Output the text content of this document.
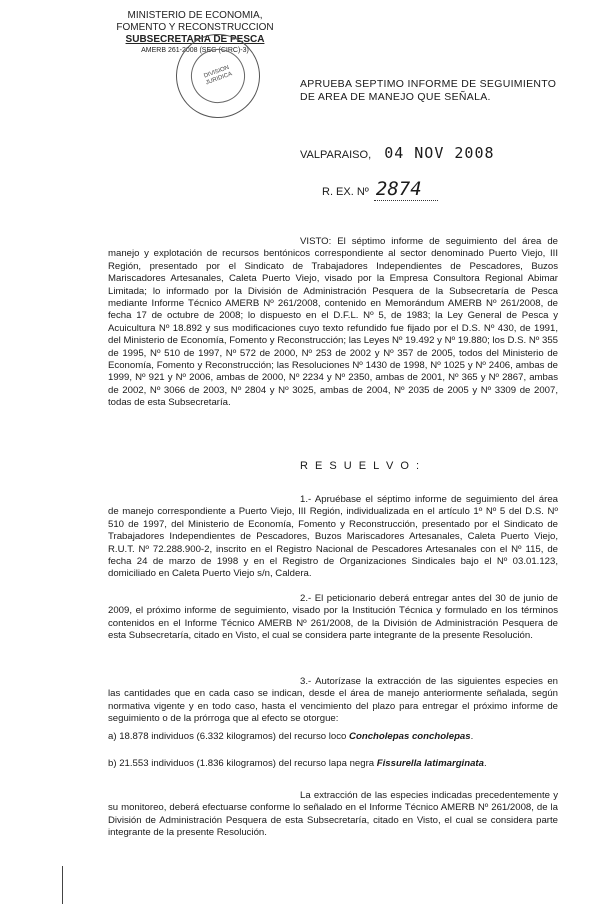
MINISTERIO DE ECONOMIA,
FOMENTO Y RECONSTRUCCION
SUBSECRETARIA DE PESCA
AMERB 261-2008 (SEG (CIRC)-3)
DIVISION JURIDICA	APRUEBA SEPTIMO INFORME DE SEGUIMIENTO DE AREA DE MANEJO QUE SEÑALA.
VALPARAISO, 04 NOV 2008
R. EX. Nº 2874
VISTO: El séptimo informe de seguimiento del área de manejo y explotación de recursos bentónicos correspondiente al sector denominado Puerto Viejo, III Región, presentado por el Sindicato de Trabajadores Independientes de Pescadores, Buzos Mariscadores Artesanales, Caleta Puerto Viejo, visado por la Empresa Consultora Regional Abimar Limitada; lo informado por la División de Administración Pesquera de la Subsecretaría de Pesca mediante Informe Técnico AMERB Nº 261/2008, contenido en Memorándum AMERB Nº 261/2008, de fecha 17 de octubre de 2008; lo dispuesto en el D.F.L. Nº 5, de 1983; la Ley General de Pesca y Acuicultura Nº 18.892 y sus modificaciones cuyo texto refundido fue fijado por el D.S. Nº 430, de 1991, del Ministerio de Economía, Fomento y Reconstrucción; las Leyes Nº 19.492 y Nº 19.880; los D.S. Nº 355 de 1995, Nº 510 de 1997, Nº 572 de 2000, Nº 253 de 2002 y Nº 357 de 2005, todos del Ministerio de Economía, Fomento y Reconstrucción; las Resoluciones Nº 1430 de 1998, Nº 1025 y Nº 2406, ambas de 1999, Nº 921 y Nº 2006, ambas de 2000, Nº 2234 y Nº 2350, ambas de 2001, Nº 365 y Nº 2867, ambas de 2002, Nº 3066 de 2003, Nº 2804 y Nº 3025, ambas de 2004, Nº 2035 de 2005 y Nº 3309 de 2007, todas de esta Subsecretaría.
R E S U E L V O :
1.- Apruébase el séptimo informe de seguimiento del área de manejo correspondiente a Puerto Viejo, III Región, individualizada en el artículo 1º Nº 5 del D.S. Nº 510 de 1997, del Ministerio de Economía, Fomento y Reconstrucción, presentado por el Sindicato de Trabajadores Independientes de Pescadores, Buzos Mariscadores Artesanales, Caleta Puerto Viejo, R.U.T. Nº 72.288.900-2, inscrito en el Registro Nacional de Pescadores Artesanales con el Nº 115, de fecha 24 de marzo de 1998 y en el Registro de Organizaciones Sindicales bajo el Nº 03.01.123, domiciliado en Caleta Puerto Viejo s/n, Caldera.
2.- El peticionario deberá entregar antes del 30 de junio de 2009, el próximo informe de seguimiento, visado por la Institución Técnica y formulado en los términos contenidos en el Informe Técnico AMERB Nº 261/2008, de la División de Administración Pesquera de esta Subsecretaría, citado en Visto, el cual se considera parte integrante de la presente Resolución.
3.- Autorízase la extracción de las siguientes especies en las cantidades que en cada caso se indican, desde el área de manejo anteriormente señalada, según normativa vigente y en todo caso, hasta el vencimiento del plazo para entregar el próximo informe de seguimiento o de la prórroga que al efecto se otorgue:
a) 18.878 individuos (6.332 kilogramos) del recurso loco Concholepas concholepas.
b) 21.553 individuos (1.836 kilogramos) del recurso lapa negra Fissurella latimarginata.
La extracción de las especies indicadas precedentemente y su monitoreo, deberá efectuarse conforme lo señalado en el Informe Técnico AMERB Nº 261/2008, de la División de Administración Pesquera de esta Subsecretaría, citado en Visto, el cual se considera parte integrante de la presente Resolución.
